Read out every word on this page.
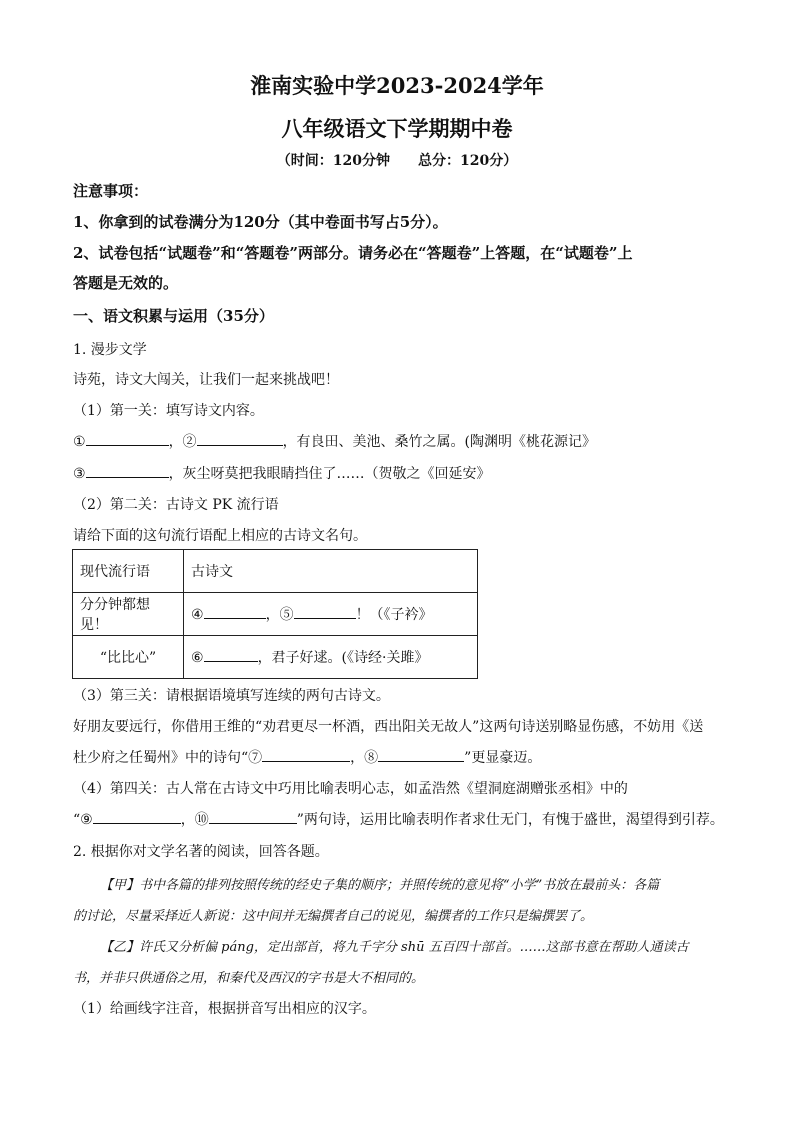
淮南实验中学2023-2024学年
八年级语文下学期期中卷
（时间：120分钟　　总分：120分）
注意事项：
1、你拿到的试卷满分为120分（其中卷面书写占5分）。
2、试卷包括“试题卷”和“答题卷”两部分。请务必在“答题卷”上答题，在“试题卷”上
答题是无效的。
一、语文积累与运用（35分）
1. 漫步文学
诗苑，诗文大闯关，让我们一起来挑战吧！
（1）第一关：填写诗文内容。
①	，②	，有良田、美池、桑竹之属。(陶渊明《桃花源记》
③	，灰尘呀莫把我眼睛挡住了……（贺敬之《回延安》
（2）第二关：古诗文 PK 流行语
请给下面的这句流行语配上相应的古诗文名句。
现代流行语	古诗文
分分钟都想见！	④ ，⑤ ！（《子衿》
“比比心”	⑥ ，君子好逑。(《诗经·关雎》
（3）第三关：请根据语境填写连续的两句古诗文。
好朋友要远行，你借用王维的“劝君更尽一杯酒，西出阳关无故人”这两句诗送别略显伤感，不妨用《送
杜少府之任蜀州》中的诗句“⑦	，⑧	”更显豪迈。
（4）第四关：古人常在古诗文中巧用比喻表明心志，如孟浩然《望洞庭湖赠张丞相》中的
“⑨	，⑩	”两句诗，运用比喻表明作者求仕无门，有愧于盛世，渴望得到引荐。
2. 根据你对文学名著的阅读，回答各题。
【甲】书中各篇的排列按照传统的经史子集的顺序；并照传统的意见将“小学”书放在最前头：各篇
的讨论，尽量采择近人新说：这中间并无编撰者自己的说见，编撰者的工作只是编撰罢了。
【乙】许氏又分析偏 páng，定出部首，将九千字分 shū 五百四十部首。……这部书意在帮助人通读古
书，并非只供通俗之用，和秦代及西汉的字书是大不相同的。
（1）给画线字注音，根据拼音写出相应的汉字。
